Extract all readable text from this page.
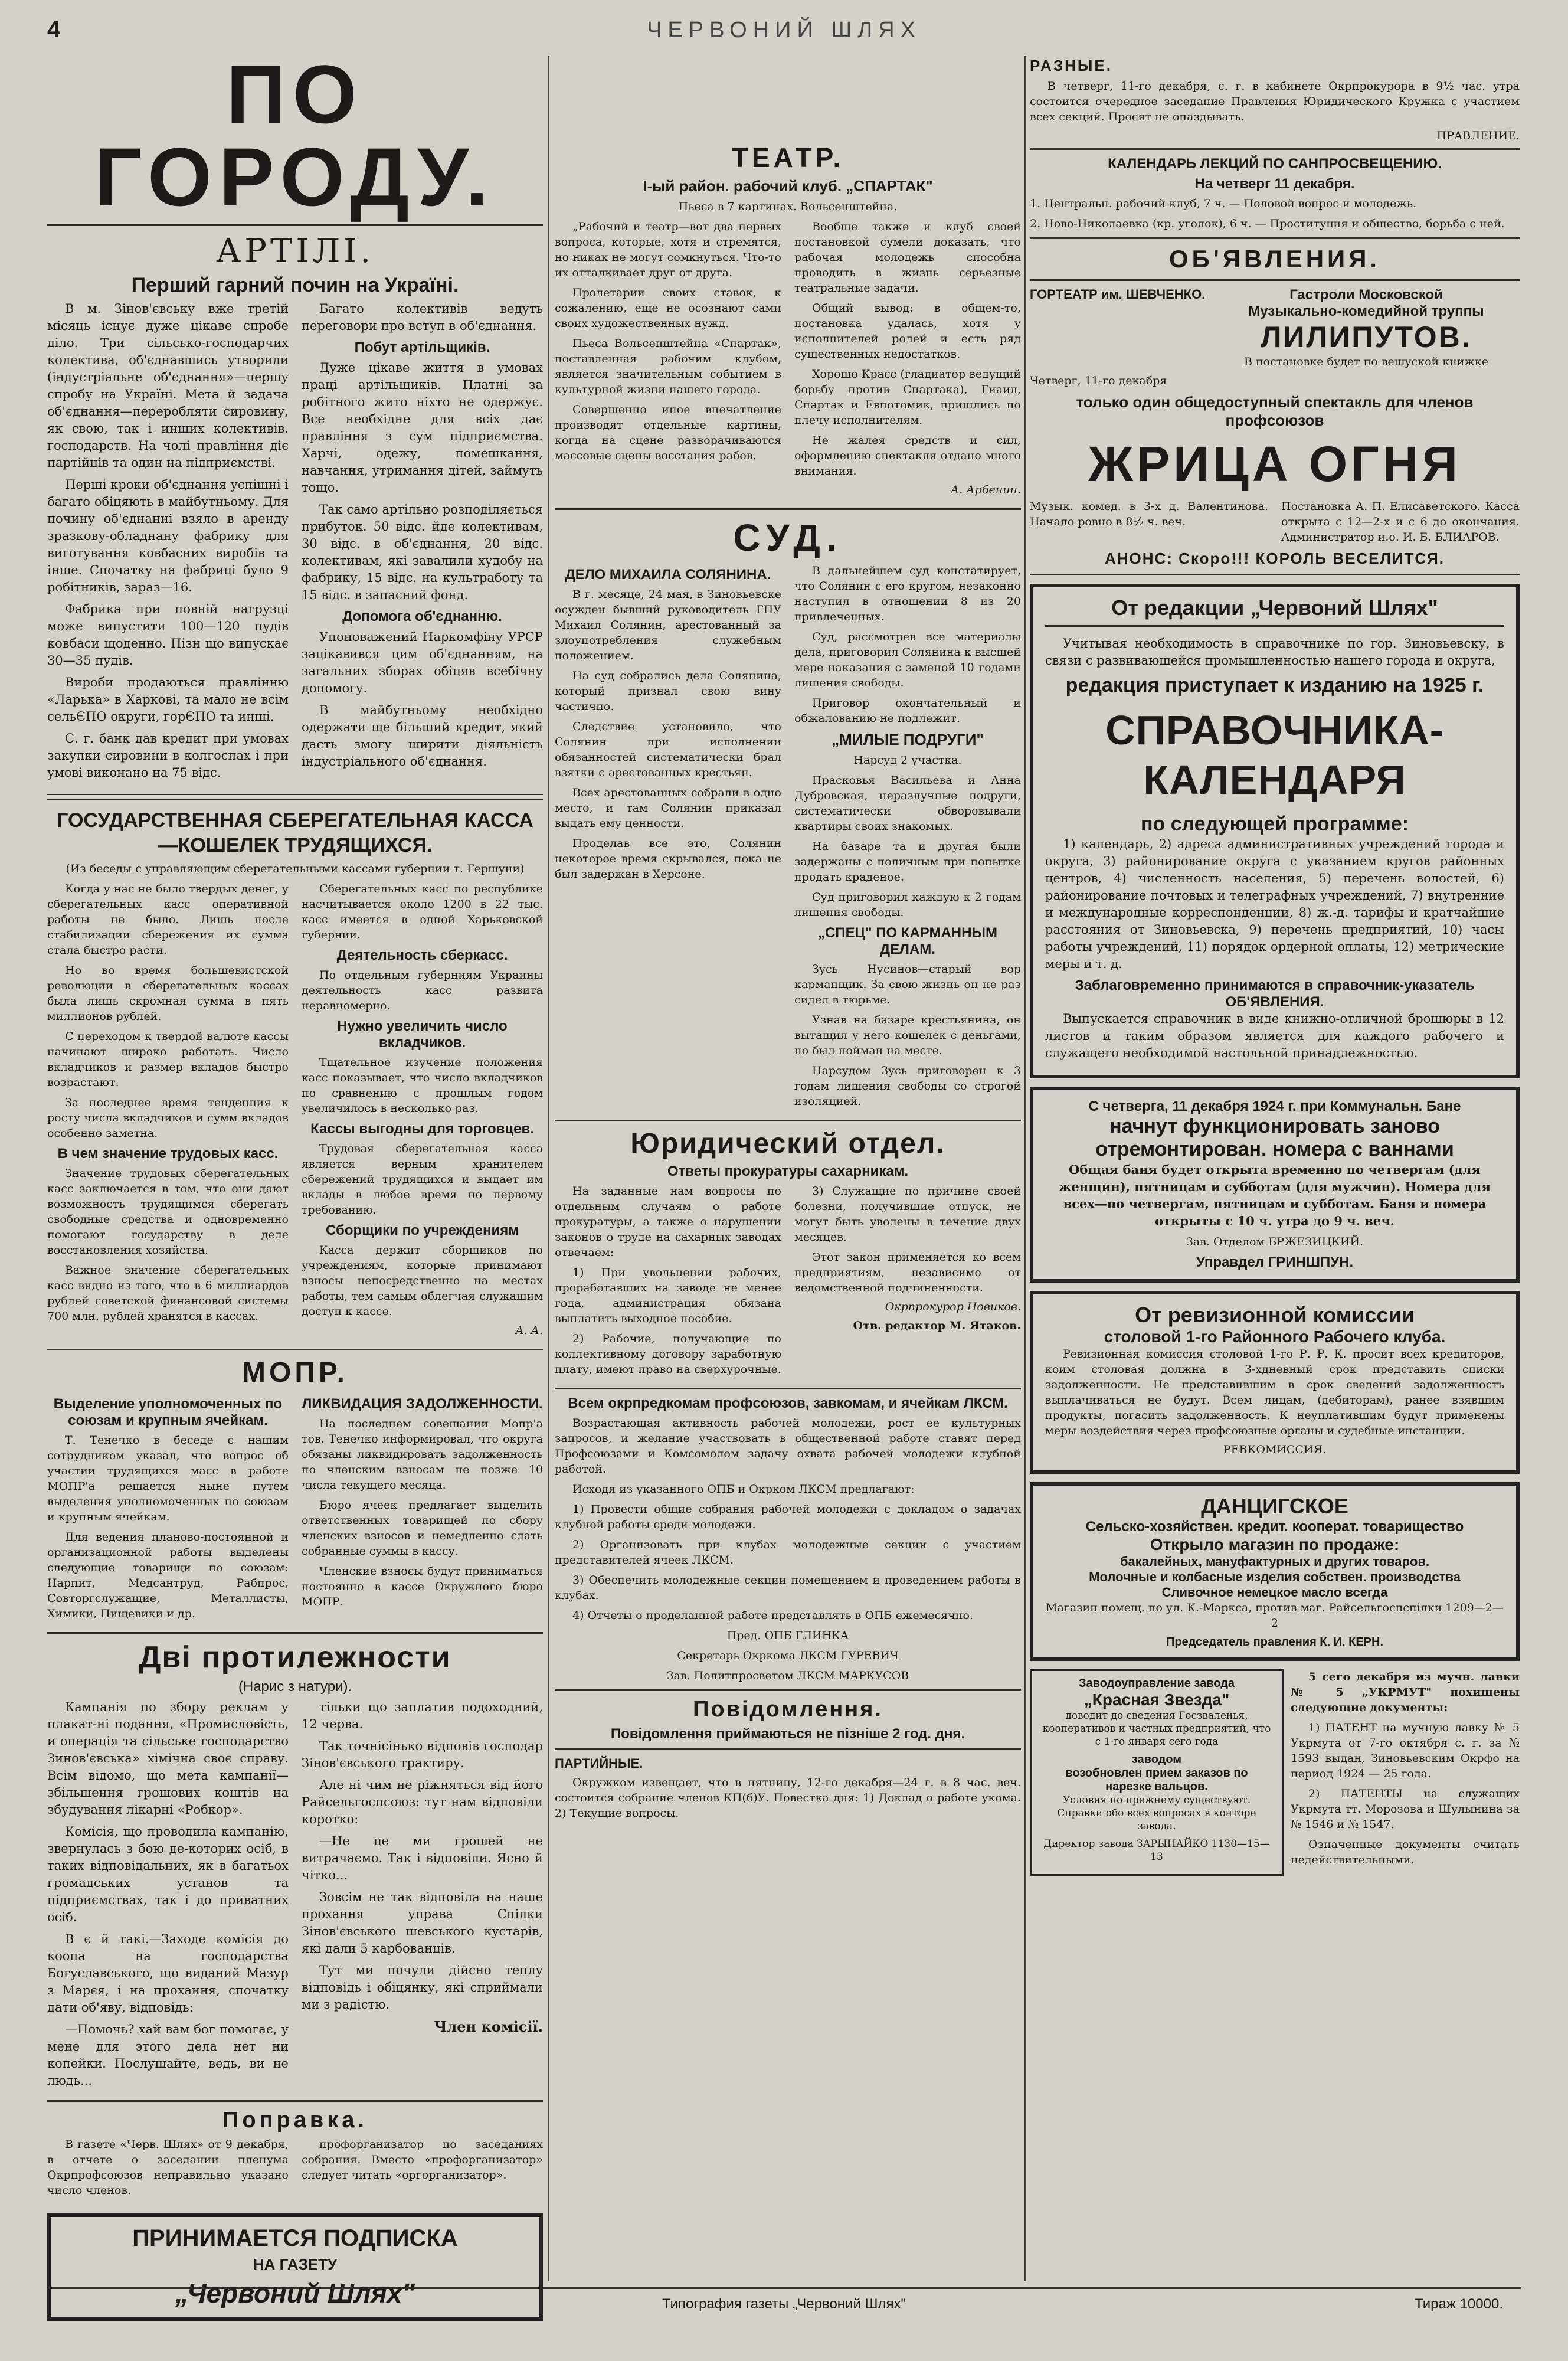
4	ЧЕРВОНИЙ ШЛЯХ
ПО ГОРОДУ.
АРТІЛІ.
Перший гарний почин на Україні.

В м. Зінов'євську вже третій місяць існує дуже цікаве спробе діло. Три сільсько-господарчих колектива, об'єднавшись утворили (індустріальне об'єднання»—першу спробу на Україні. Мета й задача об'єднання—переробляти сировину, як свою, так і инших колективів. господарств. На чолі правління діє партійців та один на підприємстві.

Перші кроки об'єднання успішні і багато обіцяють в майбутньому. Для почину об'єднанні взяло в аренду зразкову-обладнану фабрику для виготування ковбасних виробів та інше. Спочатку на фабриці було 9 робітників, зараз—16.

Фабрика при повній нагрузці може випустити 100—120 пудів ковбаси щоденно. Пізн що випускає 30—35 пудів.

Вироби продаються правлінню «Ларька» в Харкові, та мало не всім сельЄПО округи, горЄПО та инші.

С. г. банк дав кредит при умовах закупки сировини в колгоспах і при умові виконано на 75 відс.

Багато колективів ведуть переговори про вступ в об'єднання.

Побут артільщиків.

Дуже цікаве життя в умовах праці артільщиків. Платні за робітного жито ніхто не одержує. Все необхідне для всіх дає правління з сум підприємства. Харчі, одежу, помешкання, навчання, утримання дітей, займуть тощо.

Так само артільно розподіляється прибуток. 50 відс. йде колективам, 30 відс. в об'єднання, 20 відс. колективам, які завалили худобу на фабрику, 15 відс. на культработу та 15 відс. в запасний фонд.

Допомога об'єднанню.

Упоноважений Наркомфіну УРСР зацікавився цим об'єднанням, на загальних зборах обіцяв всебічну допомогу.

В майбутньому необхідно одержати ще більший кредит, який дасть змогу ширити діяльність індустріального об'єднання.

ГОСУДАРСТВЕННАЯ СБЕРЕГАТЕЛЬНАЯ КАССА—КОШЕЛЕК ТРУДЯЩИХСЯ.

(Из беседы с управляющим сберегательными кассами губернии т. Гершуни)

Когда у нас не было твердых денег, у сберегательных касс оперативной работы не было. Лишь после стабилизации сбережения их сумма стала быстро расти.

Но во время большевистской революции в сберегательных кассах была лишь скромная сумма в пять миллионов рублей.

С переходом к твердой валюте кассы начинают широко работать. Число вкладчиков и размер вкладов быстро возрастают.

За последнее время тенденция к росту числа вкладчиков и сумм вкладов особенно заметна.

В чем значение трудовых касс.

Значение трудовых сберегательных касс заключается в том, что они дают возможность трудящимся сберегать свободные средства и одновременно помогают государству в деле восстановления хозяйства.

Важное значение сберегательных касс видно из того, что в 6 миллиардов рублей советской финансовой системы 700 млн. рублей хранятся в кассах.

Сберегательных касс по республике насчитывается около 1200 в 22 тыс. касс имеется в одной Харьковской губернии.

Деятельность сберкасс.

По отдельным губерниям Украины деятельность касс развита неравномерно.

Нужно увеличить число вкладчиков.

Тщательное изучение положения касс показывает, что число вкладчиков по сравнению с прошлым годом увеличилось в несколько раз.

Кассы выгодны для торговцев.

Трудовая сберегательная касса является верным хранителем сбережений трудящихся и выдает им вклады в любое время по первому требованию.

Сборщики по учреждениям

Касса держит сборщиков по учреждениям, которые принимают взносы непосредственно на местах работы, тем самым облегчая служащим доступ к кассе.

А. А.
МОПР.
Выделение уполномоченных по союзам и крупным ячейкам.

Т. Тенечко в беседе с нашим сотрудником указал, что вопрос об участии трудящихся масс в работе МОПР'а решается ныне путем выделения уполномоченных по союзам и крупным ячейкам.

Для ведения планово-постоянной и организационной работы выделены следующие товарищи по союзам: Нарпит, Медсантруд, Рабпрос, Совторгслужащие, Металлисты, Химики, Пищевики и др.

ЛИКВИДАЦИЯ ЗАДОЛЖЕННОСТИ.

На последнем совещании Мопр'а тов. Тенечко информировал, что округа обязаны ликвидировать задолженность по членским взносам не позже 10 числа текущего месяца.

Бюро ячеек предлагает выделить ответственных товарищей по сбору членских взносов и немедленно сдать собранные суммы в кассу.

Членские взносы будут приниматься постоянно в кассе Окружного бюро МОПР.

Дві протилежности
(Нарис з натури).

Кампанія по збору реклам у плакат-ні подання, «Промисловість, и операція та сільське господарство Зинов'євська» хімічна своє справу. Всім відомо, що мета кампанії—збільшення грошових коштів на збудування лікарні «Робкор».

Комісія, що проводила кампанію, звернулась з бою де-которих осіб, в таких відповідальних, як в багатьох громадських установ та підприємствах, так і до приватних осіб.

В є й такі.—Заходе комісія до коопа на господарства Богуславського, що виданий Мазур з Марєя, і на прохання, спочатку дати об'яву, відповідь:

—Помочь? хай вам бог помогає, у мене для этого дела нет ни копейки. Послушайте, ведь, ви не людь...

тільки що заплатив подоходний, 12 черва.

Так точнісінько відповів господар Зінов'євського трактиру.

Але ні чим не ріжняться від його Райсельгоспсоюз: тут нам відповіли коротко:

—Не це ми грошей не витрачаємо. Так і відповіли. Ясно й чітко...

Зовсім не так відповіла на наше прохання управа Спілки Зінов'євського шевського кустарів, які дали 5 карбованців.

Тут ми почули дійсно теплу відповідь і обіцянку, які сприймали ми з радістю.

Член комісії.
Поправка.

В газете «Черв. Шлях» от 9 декабря, в отчете о заседании пленума Окрпрофсоюзов неправильно указано число членов.

профорганизатор по заседаниях собрания. Вместо «профорганизатор» следует читать «оргорганизатор».

ПРИНИМАЕТСЯ ПОДПИСКА
НА ГАЗЕТУ
„Червоний Шлях"
ТЕАТР.
I-ый район. рабочий клуб. „СПАРТАК"

Пьеса в 7 картинах. Вольсенштейна.

„Рабочий и театр—вот два первых вопроса, которые, хотя и стремятся, но никак не могут сомкнуться. Что-то их отталкивает друг от друга.

Пролетарии своих ставок, к сожалению, еще не осознают сами своих художественных нужд.

Пьеса Вольсенштейна «Спартак», поставленная рабочим клубом, является значительным событием в культурной жизни нашего города.

Совершенно иное впечатление производят отдельные картины, когда на сцене разворачиваются массовые сцены восстания рабов.

Вообще также и клуб своей постановкой сумели доказать, что рабочая молодежь способна проводить в жизнь серьезные театральные задачи.

Общий вывод: в общем-то, постановка удалась, хотя у исполнителей ролей и есть ряд существенных недостатков.

Хорошо Красс (гладиатор ведущий борьбу против Спартака), Гиаил, Спартак и Евпотомик, пришлись по плечу исполнителям.

Не жалея средств и сил, оформлению спектакля отдано много внимания.

А. Арбенин.
СУД.
ДЕЛО МИХАИЛА СОЛЯНИНА.

В г. месяце, 24 мая, в Зиновьевске осужден бывший руководитель ГПУ Михаил Солянин, арестованный за злоупотребления служебным положением.

На суд собрались дела Солянина, который признал свою вину частично.

Следствие установило, что Солянин при исполнении обязанностей систематически брал взятки с арестованных крестьян.

Всех арестованных собрали в одно место, и там Солянин приказал выдать ему ценности.

Проделав все это, Солянин некоторое время скрывался, пока не был задержан в Херсоне.

В дальнейшем суд констатирует, что Солянин с его кругом, незаконно наступил в отношении 8 из 20 привлеченных.

Суд, рассмотрев все материалы дела, приговорил Солянина к высшей мере наказания с заменой 10 годами лишения свободы.

Приговор окончательный и обжалованию не подлежит.

„МИЛЫЕ ПОДРУГИ"

Нарсуд 2 участка.

Прасковья Васильева и Анна Дубровская, неразлучные подруги, систематически обворовывали квартиры своих знакомых.

На базаре та и другая были задержаны с поличным при попытке продать краденое.

Суд приговорил каждую к 2 годам лишения свободы.

„СПЕЦ" ПО КАРМАННЫМ ДЕЛАМ.

Зусь Нусинов—старый вор карманщик. За свою жизнь он не раз сидел в тюрьме.

Узнав на базаре крестьянина, он вытащил у него кошелек с деньгами, но был пойман на месте.

Нарсудом Зусь приговорен к 3 годам лишения свободы со строгой изоляцией.

Юридический отдел.
Ответы прокуратуры сахарникам.

На заданные нам вопросы по отдельным случаям о работе прокуратуры, а также о нарушении законов о труде на сахарных заводах отвечаем:

1) При увольнении рабочих, проработавших на заводе не менее года, администрация обязана выплатить выходное пособие.

2) Рабочие, получающие по коллективному договору заработную плату, имеют право на сверхурочные.

3) Служащие по причине своей болезни, получившие отпуск, не могут быть уволены в течение двух месяцев.

Этот закон применяется ко всем предприятиям, независимо от ведомственной подчиненности.

Окрпрокурор Новиков.
Отв. редактор М. Ятаков.
Всем окрпредкомам профсоюзов, завкомам, и ячейкам ЛКСМ.

Возрастающая активность рабочей молодежи, рост ее культурных запросов, и желание участвовать в общественной работе ставят перед Профсоюзами и Комсомолом задачу охвата рабочей молодежи клубной работой.

Исходя из указанного ОПБ и Окрком ЛКСМ предлагают:

1) Провести общие собрания рабочей молодежи с докладом о задачах клубной работы среди молодежи.

2) Организовать при клубах молодежные секции с участием представителей ячеек ЛКСМ.

3) Обеспечить молодежные секции помещением и проведением работы в клубах.

4) Отчеты о проделанной работе представлять в ОПБ ежемесячно.

Пред. ОПБ ГЛИНКА

Секретарь Окркома ЛКСМ ГУРЕВИЧ

Зав. Политпросветом ЛКСМ МАРКУСОВ

Повідомлення.
Повідомлення приймаються не пізніше 2 год. дня.
ПАРТИЙНЫЕ.

Окружком извещает, что в пятницу, 12-го декабря—24 г. в 8 час. веч. состоится собрание членов КП(б)У. Повестка дня: 1) Доклад о работе укома. 2) Текущие вопросы.

РАЗНЫЕ.

В четверг, 11-го декабря, с. г. в кабинете Окрпрокурора в 9½ час. утра состоится очередное заседание Правления Юридического Кружка с участием всех секций. Просят не опаздывать.

ПРАВЛЕНИЕ.
КАЛЕНДАРЬ ЛЕКЦИЙ ПО САНПРОСВЕЩЕНИЮ.
На четверг 11 декабря.

1. Центральн. рабочий клуб, 7 ч. — Половой вопрос и молодежь.

2. Ново-Николаевка (кр. уголок), 6 ч. — Проституция и общество, борьба с ней.

ОБ'ЯВЛЕНИЯ.
ГОРТЕАТР им. ШЕВЧЕНКО.

Четверг, 11-го декабря

Гастроли Московской
Музыкально-комедийной труппы
ЛИЛИПУТОВ.

В постановке будет по вешуской книжке

только один общедоступный спектакль для членов профсоюзов
ЖРИЦА ОГНЯ

Музык. комед. в 3-х д. Валентинова. Начало ровно в 8½ ч. веч.

Постановка А. П. Елисаветского. Касса открыта с 12—2-х и с 6 до окончания. Администратор и.о. И. Б. БЛИАРОВ.

АНОНС: Скоро!!! КОРОЛЬ ВЕСЕЛИТСЯ.
От редакции „Червоний Шлях"

Учитывая необходимость в справочнике по гор. Зиновьевску, в связи с развивающейся промышленностью нашего города и округа,

редакция приступает к изданию на 1925 г.
СПРАВОЧНИКА-КАЛЕНДАРЯ
по следующей программе:

1) календарь, 2) адреса административных учреждений города и округа, 3) районирование округа с указанием кругов районных центров, 4) численность населения, 5) перечень волостей, 6) районирование почтовых и телеграфных учреждений, 7) внутренние и международные корреспонденции, 8) ж.-д. тарифы и кратчайшие расстояния от Зиновьевска, 9) перечень предприятий, 10) часы работы учреждений, 11) порядок ордерной оплаты, 12) метрические меры и т. д.

Заблаговременно принимаются в справочник-указатель ОБ'ЯВЛЕНИЯ.

Выпускается справочник в виде книжно-отличной брошюры в 12 листов и таким образом является для каждого рабочего и служащего необходимой настольной принадлежностью.

С четверга, 11 декабря 1924 г. при Коммунальн. Бане
начнут функционировать заново
отремонтирован. номера с ваннами

Общая баня будет открыта временно по четвергам (для женщин), пятницам и субботам (для мужчин). Номера для всех—по четвергам, пятницам и субботам. Баня и номера открыты с 10 ч. утра до 9 ч. веч.

Зав. Отделом БРЖЕЗИЦКИЙ.

Управдел ГРИНШПУН.
От ревизионной комиссии
столовой 1-го Районного Рабочего клуба.

Ревизионная комиссия столовой 1-го Р. Р. К. просит всех кредиторов, коим столовая должна в 3-хдневный срок представить списки задолженности. Не представившим в срок сведений задолженность выплачиваться не будут. Всем лицам, (дебиторам), ранее взявшим продукты, погасить задолженность. К неуплатившим будут применены меры воздействия через профсоюзные органы и судебные инстанции.

РЕВКОМИССИЯ.
ДАНЦИГСКОЕ
Сельско-хозяйствен. кредит. кооперат. товарищество
Открыло магазин по продаже:
бакалейных, мануфактурных и других товаров.
Молочные и колбасные изделия собствен. производства
Сливочное немецкое масло всегда

Магазин помещ. по ул. К.-Маркса, против маг. Райсельгоспспілки 1209—2—2

Председатель правления К. И. КЕРН.
Заводоуправление завода
„Красная Звезда"

доводит до сведения Госзваленья, кооперативов и частных предприятий, что с 1-го января сего года

заводом
возобновлен прием заказов по нарезке вальцов.

Условия по прежнему существуют. Справки обо всех вопросах в конторе завода.

Директор завода ЗАРЫНАЙКО 1130—15—13

5 сего декабря из мучн. лавки № 5 „УКРМУТ" похищены следующие документы:

1) ПАТЕНТ на мучную лавку № 5 Укрмута от 7-го октября с. г. за № 1593 выдан, Зиновьевским Окрфо на период 1924 — 25 года.

2) ПАТЕНТЫ на служащих Укрмута тт. Морозова и Шулынина за № 1546 и № 1547.

Означенные документы считать недействительными.

Типография газеты „Червоний Шлях"	Тираж 10000.
